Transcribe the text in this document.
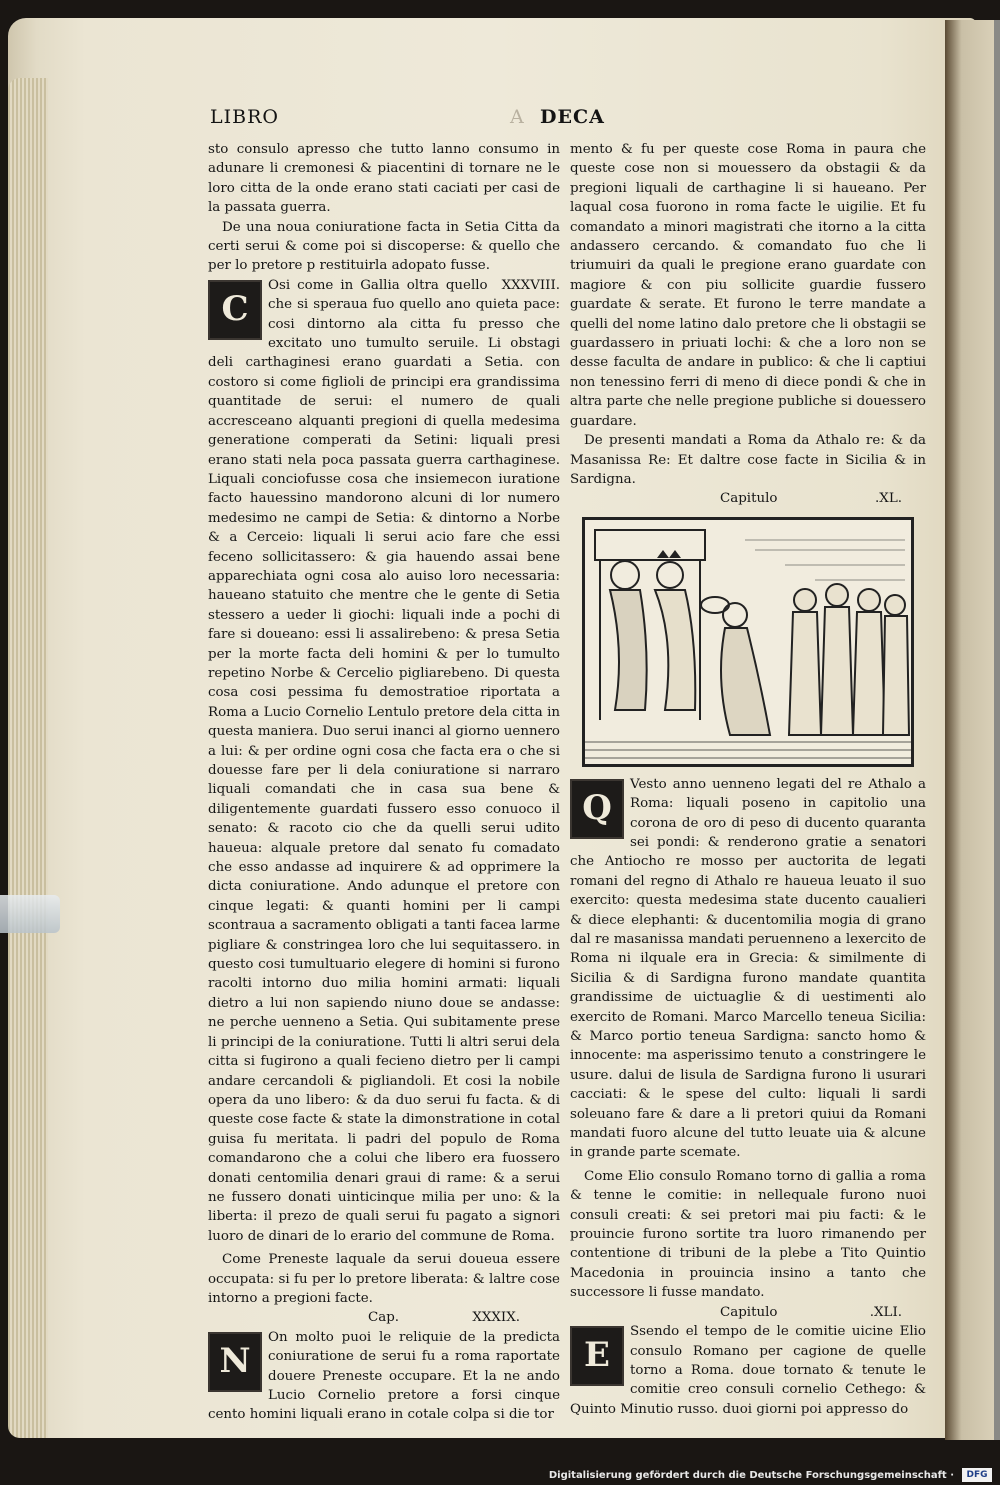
LIBRO	A DECA

sto consulo apresso che tutto lanno consumo in adunare li cremonesi & piacentini di tornare ne le loro citta de la onde erano stati caciati per casi de la passata guerra.

De una noua coniuratione facta in Setia Citta da certi serui & come poi si discoperse: & quello che per lo pretore p restituirla adopato fusse.
XXXVIII.

C
Osi come in Gallia oltra quello che si speraua fuo quello ano quieta pace: cosi dintorno ala citta fu presso che excitato uno tumulto seruile. Li obstagi deli carthaginesi erano guardati a Setia. con costoro si come figlioli de principi era grandissima quantitade de serui: el numero de quali accresceano alquanti pregioni di quella medesima generatione comperati da Setini: liquali presi erano stati nela poca passata guerra carthaginese. Liquali conciofusse cosa che insiemecon iuratione facto hauessino mandorono alcuni di lor numero medesimo ne campi de Setia: & dintorno a Norbe & a Cerceio: liquali li serui acio fare che essi feceno sollicitassero: & gia hauendo assai bene apparechiata ogni cosa alo auiso loro necessaria: haueano statuito che mentre che le gente di Setia stessero a ueder li giochi: liquali inde a pochi di fare si doueano: essi li assalirebeno: & presa Setia per la morte facta deli homini & per lo tumulto repetino Norbe & Cercelio pigliarebeno. Di questa cosa cosi pessima fu demostratioe riportata a Roma a Lucio Cornelio Lentulo pretore dela citta in questa maniera. Duo serui inanci al giorno uennero a lui: & per ordine ogni cosa che facta era o che si douesse fare per li dela coniuratione si narraro liquali comandati che in casa sua bene & diligentemente guardati fussero esso conuoco il senato: & racoto cio che da quelli serui udito haueua: alquale pretore dal senato fu comadato che esso andasse ad inquirere & ad opprimere la dicta coniuratione. Ando adunque el pretore con cinque legati: & quanti homini per li campi scontraua a sacramento obligati a tanti facea larme pigliare & constringea loro che lui sequitassero. in questo cosi tumultuario elegere di homini si furono racolti intorno duo milia homini armati: liquali dietro a lui non sapiendo niuno doue se andasse: ne perche uenneno a Setia. Qui subitamente prese li principi de la coniuratione. Tutti li altri serui dela citta si fugirono a quali fecieno dietro per li campi andare cercandoli & pigliandoli. Et cosi la nobile opera da uno libero: & da duo serui fu facta. & di queste cose facte & state la dimonstratione in cotal guisa fu meritata. li padri del populo de Roma comandarono che a colui che libero era fuossero donati centomilia denari graui di rame: & a serui ne fussero donati uinticinque milia per uno: & la liberta: il prezo de quali serui fu pagato a signori luoro de dinari de lo erario del commune de Roma.

Come Preneste laquale da serui doueua essere occupata: si fu per lo pretore liberata: & laltre cose intorno a pregioni facte.

Cap.	XXXIX.

N
On molto puoi le reliquie de la predicta coniuratione de serui fu a roma raportate douere Preneste occupare. Et la ne ando Lucio Cornelio pretore a forsi cinque cento homini liquali erano in cotale colpa si die tor

mento & fu per queste cose Roma in paura che queste cose non si mouessero da obstagii & da pregioni liquali de carthagine li si haueano. Per laqual cosa fuorono in roma facte le uigilie. Et fu comandato a minori magistrati che itorno a la citta andassero cercando. & comandato fuo che li triumuiri da quali le pregione erano guardate con magiore & con piu sollicite guardie fussero guardate & serate. Et furono le terre mandate a quelli del nome latino dalo pretore che li obstagii se guardassero in priuati lochi: & che a loro non se desse faculta de andare in publico: & che li captiui non tenessino ferri di meno di diece pondi & che in altra parte che nelle pregione publiche si douessero guardare.

De presenti mandati a Roma da Athalo re: & da Masanissa Re: Et daltre cose facte in Sicilia & in Sardigna.

Capitulo	.XL.

Q
Vesto anno uenneno legati del re Athalo a Roma: liquali poseno in capitolio una corona de oro di peso di ducento quaranta sei pondi: & renderono gratie a senatori che Antiocho re mosso per auctorita de legati romani del regno di Athalo re haueua leuato il suo exercito: questa medesima state ducento caualieri & diece elephanti: & ducentomilia mogia di grano dal re masanissa mandati peruenneno a lexercito de Roma ni ilquale era in Grecia: & similmente di Sicilia & di Sardigna furono mandate quantita grandissime de uictuaglie & di uestimenti alo exercito de Romani. Marco Marcello teneua Sicilia: & Marco portio teneua Sardigna: sancto homo & innocente: ma asperissimo tenuto a constringere le usure. dalui de lisula de Sardigna furono li usurari cacciati: & le spese del culto: liquali li sardi soleuano fare & dare a li pretori quiui da Romani mandati fuoro alcune del tutto leuate uia & alcune in grande parte scemate.

Come Elio consulo Romano torno di gallia a roma & tenne le comitie: in nellequale furono nuoi consuli creati: & sei pretori mai piu facti: & le prouincie furono sortite tra luoro rimanendo per contentione di tribuni de la plebe a Tito Quintio Macedonia in prouincia insino a tanto che successore li fusse mandato.

Capitulo	.XLI.

E
Ssendo el tempo de le comitie uicine Elio consulo Romano per cagione de quelle torno a Roma. doue tornato & tenute le comitie creo consuli cornelio Cethego: & Quinto Minutio russo. duoi giorni poi appresso do

Digitalisierung gefördert durch die Deutsche Forschungsgemeinschaft ·	DFG
